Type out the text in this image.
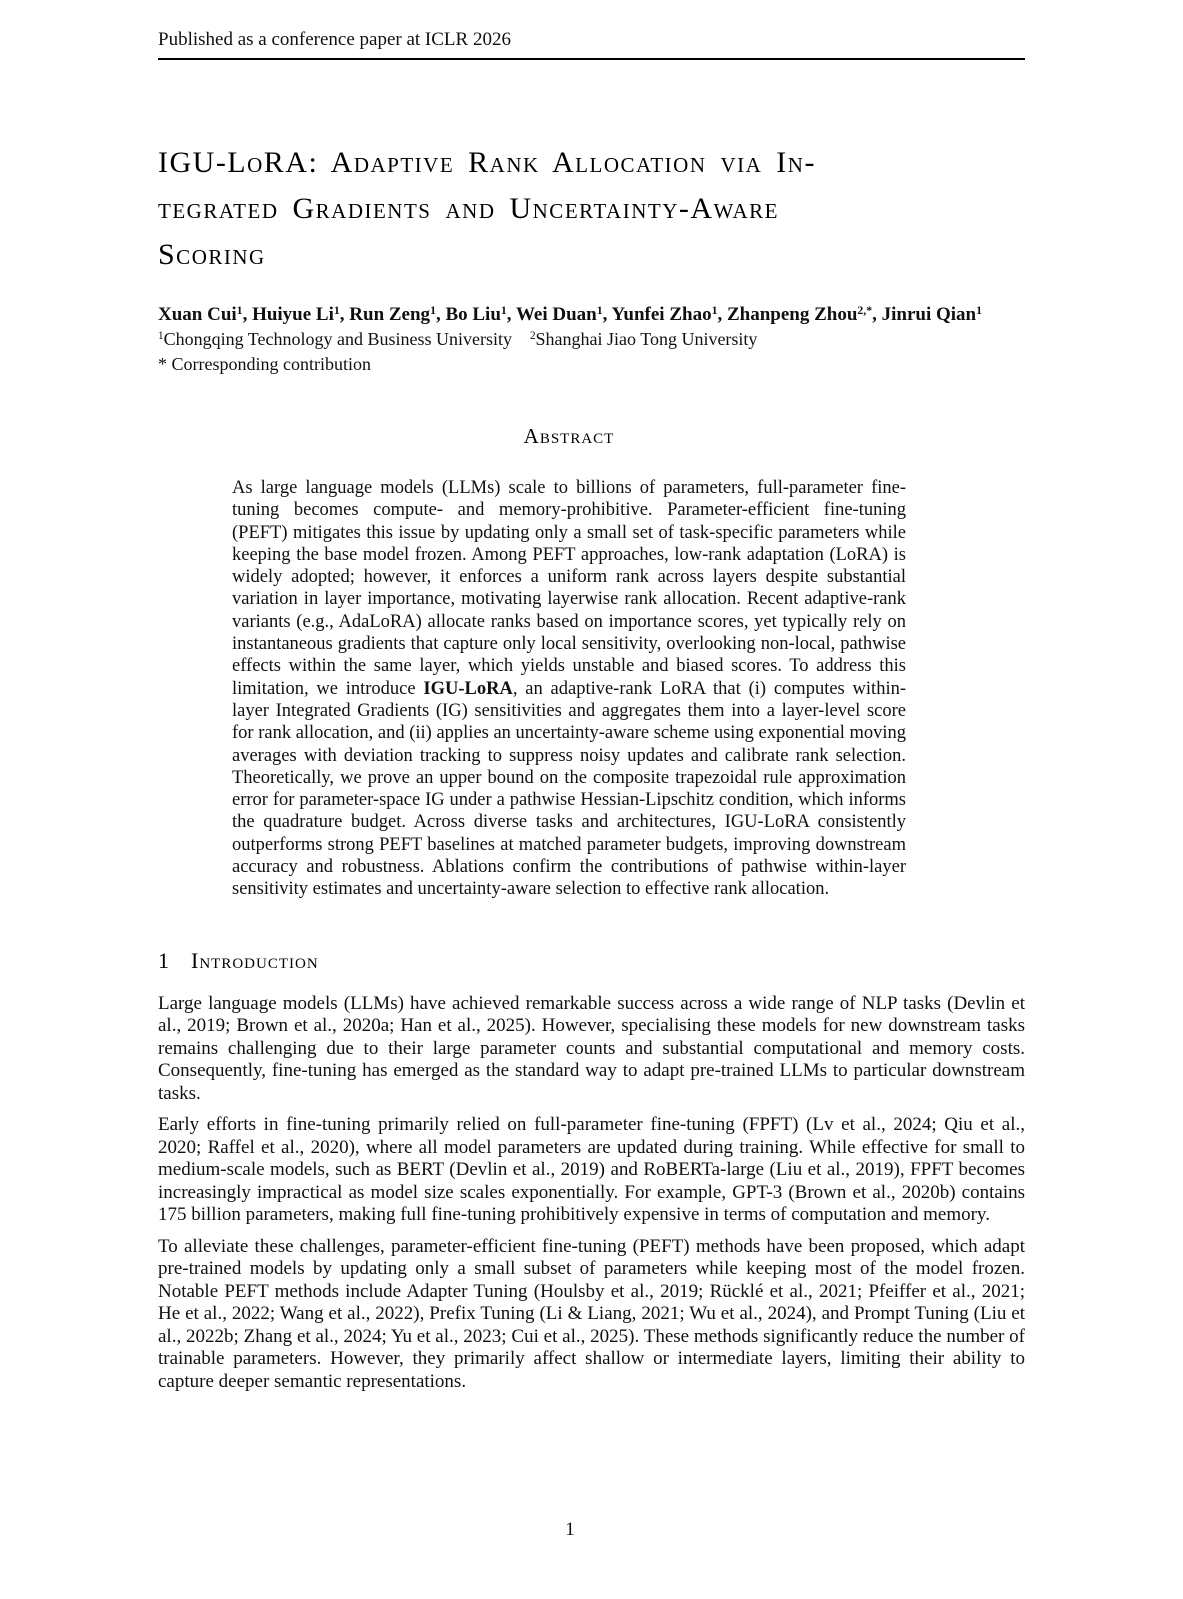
Published as a conference paper at ICLR 2026
IGU-LoRA: Adaptive Rank Allocation via In-
tegrated Gradients and Uncertainty-Aware
Scoring
Xuan Cui$^1$, Huiyue Li$^1$, Run Zeng$^1$, Bo Liu$^1$, Wei Duan$^1$, Yunfei Zhao$^1$, Zhanpeng Zhou$^{2,*}$, Jinrui Qian$^1$
$^1$Chongqing Technology and Business University $^2$Shanghai Jiao Tong University
* Corresponding contribution
Abstract
As large language models (LLMs) scale to billions of parameters, full-parameter fine-tuning becomes compute- and memory-prohibitive. Parameter-efficient fine-tuning (PEFT) mitigates this issue by updating only a small set of task-specific parameters while keeping the base model frozen. Among PEFT approaches, low-rank adaptation (LoRA) is widely adopted; however, it enforces a uniform rank across layers despite substantial variation in layer importance, motivating layerwise rank allocation. Recent adaptive-rank variants (e.g., AdaLoRA) allocate ranks based on importance scores, yet typically rely on instantaneous gradients that capture only local sensitivity, overlooking non-local, pathwise effects within the same layer, which yields unstable and biased scores. To address this limitation, we introduce IGU-LoRA, an adaptive-rank LoRA that (i) computes within-layer Integrated Gradients (IG) sensitivities and aggregates them into a layer-level score for rank allocation, and (ii) applies an uncertainty-aware scheme using exponential moving averages with deviation tracking to suppress noisy updates and calibrate rank selection. Theoretically, we prove an upper bound on the composite trapezoidal rule approximation error for parameter-space IG under a pathwise Hessian-Lipschitz condition, which informs the quadrature budget. Across diverse tasks and architectures, IGU-LoRA consistently outperforms strong PEFT baselines at matched parameter budgets, improving downstream accuracy and robustness. Ablations confirm the contributions of pathwise within-layer sensitivity estimates and uncertainty-aware selection to effective rank allocation.
1 Introduction
Large language models (LLMs) have achieved remarkable success across a wide range of NLP tasks (Devlin et al., 2019; Brown et al., 2020a; Han et al., 2025). However, specialising these models for new downstream tasks remains challenging due to their large parameter counts and substantial computational and memory costs. Consequently, fine-tuning has emerged as the standard way to adapt pre-trained LLMs to particular downstream tasks.
Early efforts in fine-tuning primarily relied on full-parameter fine-tuning (FPFT) (Lv et al., 2024; Qiu et al., 2020; Raffel et al., 2020), where all model parameters are updated during training. While effective for small to medium-scale models, such as BERT (Devlin et al., 2019) and RoBERTa-large (Liu et al., 2019), FPFT becomes increasingly impractical as model size scales exponentially. For example, GPT-3 (Brown et al., 2020b) contains 175 billion parameters, making full fine-tuning prohibitively expensive in terms of computation and memory.
To alleviate these challenges, parameter-efficient fine-tuning (PEFT) methods have been proposed, which adapt pre-trained models by updating only a small subset of parameters while keeping most of the model frozen. Notable PEFT methods include Adapter Tuning (Houlsby et al., 2019; Rücklé et al., 2021; Pfeiffer et al., 2021; He et al., 2022; Wang et al., 2022), Prefix Tuning (Li & Liang, 2021; Wu et al., 2024), and Prompt Tuning (Liu et al., 2022b; Zhang et al., 2024; Yu et al., 2023; Cui et al., 2025). These methods significantly reduce the number of trainable parameters. However, they primarily affect shallow or intermediate layers, limiting their ability to capture deeper semantic representations.
1
